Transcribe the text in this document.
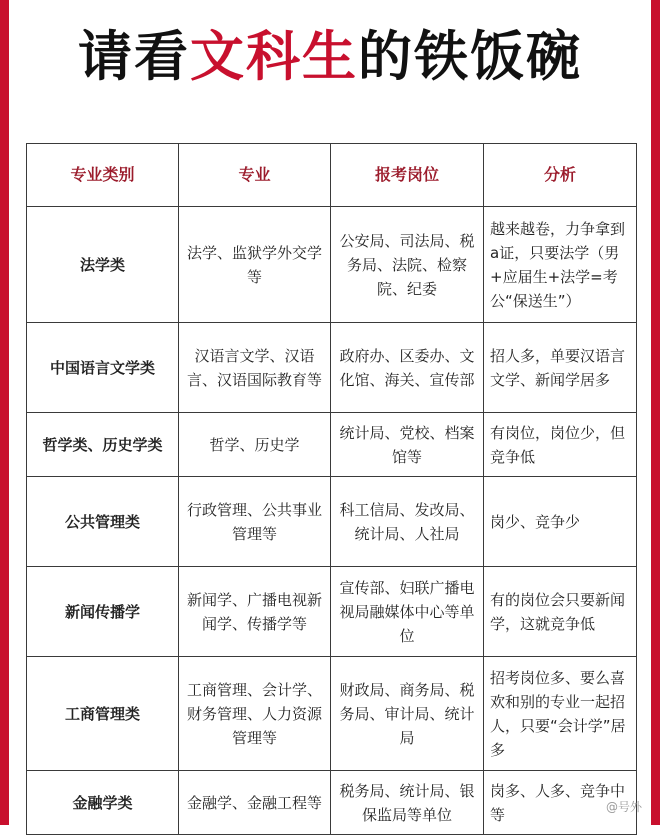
请看文科生的铁饭碗
专业类别	专业	报考岗位	分析
法学类	法学、监狱学外交学等	公安局、司法局、税务局、法院、检察院、纪委	越来越卷，力争拿到a证，只要法学（男+应届生+法学=考公“保送生”）
中国语言文学类	汉语言文学、汉语言、汉语国际教育等	政府办、区委办、文化馆、海关、宣传部	招人多，单要汉语言文学、新闻学居多
哲学类、历史学类	哲学、历史学	统计局、党校、档案馆等	有岗位，岗位少，但竞争低
公共管理类	行政管理、公共事业管理等	科工信局、发改局、统计局、人社局	岗少、竞争少
新闻传播学	新闻学、广播电视新闻学、传播学等	宣传部、妇联广播电视局融媒体中心等单位	有的岗位会只要新闻学，这就竞争低
工商管理类	工商管理、会计学、财务管理、人力资源管理等	财政局、商务局、税务局、审计局、统计局	招考岗位多、要么喜欢和别的专业一起招人，只要“会计学”居多
金融学类	金融学、金融工程等	税务局、统计局、银保监局等单位	岗多、人多、竞争中等	@号外
